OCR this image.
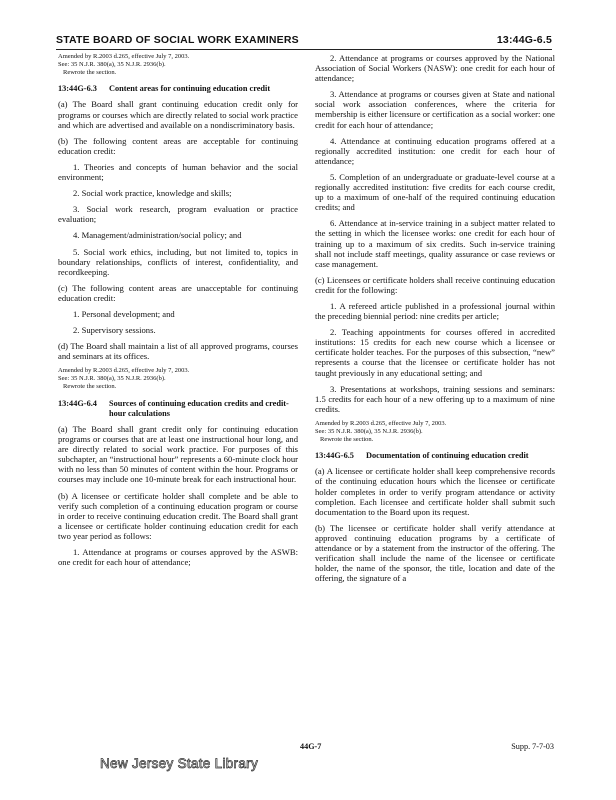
STATE BOARD OF SOCIAL WORK EXAMINERS	13:44G-6.5

Amended by R.2003 d.265, effective July 7, 2003.

See: 35 N.J.R. 380(a), 35 N.J.R. 2936(b).

Rewrote the section.

13:44G-6.3 Content areas for continuing education credit

(a) The Board shall grant continuing education credit only for programs or courses which are directly related to social work practice and which are advertised and available on a nondiscriminatory basis.

(b) The following content areas are acceptable for continuing education credit:

1. Theories and concepts of human behavior and the social environment;

2. Social work practice, knowledge and skills;

3. Social work research, program evaluation or practice evaluation;

4. Management/administration/social policy; and

5. Social work ethics, including, but not limited to, topics in boundary relationships, conflicts of interest, confidentiality, and recordkeeping.

(c) The following content areas are unacceptable for continuing education credit:

1. Personal development; and

2. Supervisory sessions.

(d) The Board shall maintain a list of all approved programs, courses and seminars at its offices.

Amended by R.2003 d.265, effective July 7, 2003.

See: 35 N.J.R. 380(a), 35 N.J.R. 2936(b).

Rewrote the section.

13:44G-6.4	Sources of continuing education credits and credit-hour calculations

(a) The Board shall grant credit only for continuing education programs or courses that are at least one instructional hour long, and are directly related to social work practice. For purposes of this subchapter, an “instructional hour” represents a 60-minute clock hour with no less than 50 minutes of content within the hour. Programs or courses may include one 10-minute break for each instructional hour.

(b) A licensee or certificate holder shall complete and be able to verify such completion of a continuing education program or course in order to receive continuing education credit. The Board shall grant a licensee or certificate holder continuing education credit for each two year period as follows:

1. Attendance at programs or courses approved by the ASWB: one credit for each hour of attendance;

2. Attendance at programs or courses approved by the National Association of Social Workers (NASW): one credit for each hour of attendance;

3. Attendance at programs or courses given at State and national social work association conferences, where the criteria for membership is either licensure or certification as a social worker: one credit for each hour of attendance;

4. Attendance at continuing education programs offered at a regionally accredited institution: one credit for each hour of attendance;

5. Completion of an undergraduate or graduate-level course at a regionally accredited institution: five credits for each course credit, up to a maximum of one-half of the required continuing education credits; and

6. Attendance at in-service training in a subject matter related to the setting in which the licensee works: one credit for each hour of training up to a maximum of six credits. Such in-service training shall not include staff meetings, quality assurance or case reviews or case management.

(c) Licensees or certificate holders shall receive continuing education credit for the following:

1. A refereed article published in a professional journal within the preceding biennial period: nine credits per article;

2. Teaching appointments for courses offered in accredited institutions: 15 credits for each new course which a licensee or certificate holder teaches. For the purposes of this subsection, “new” represents a course that the licensee or certificate holder has not taught previously in any educational setting; and

3. Presentations at workshops, training sessions and seminars: 1.5 credits for each hour of a new offering up to a maximum of nine credits.

Amended by R.2003 d.265, effective July 7, 2003.

See: 35 N.J.R. 380(a), 35 N.J.R. 2936(b).

Rewrote the section.

13:44G-6.5 Documentation of continuing education credit

(a) A licensee or certificate holder shall keep comprehensive records of the continuing education hours which the licensee or certificate holder completes in order to verify program attendance or activity completion. Each licensee and certificate holder shall submit such documentation to the Board upon its request.

(b) The licensee or certificate holder shall verify attendance at approved continuing education programs by a certificate of attendance or by a statement from the instructor of the offering. The verification shall include the name of the licensee or certificate holder, the name of the sponsor, the title, location and date of the offering, the signature of a

44G-7	Supp. 7-7-03
New Jersey State Library
